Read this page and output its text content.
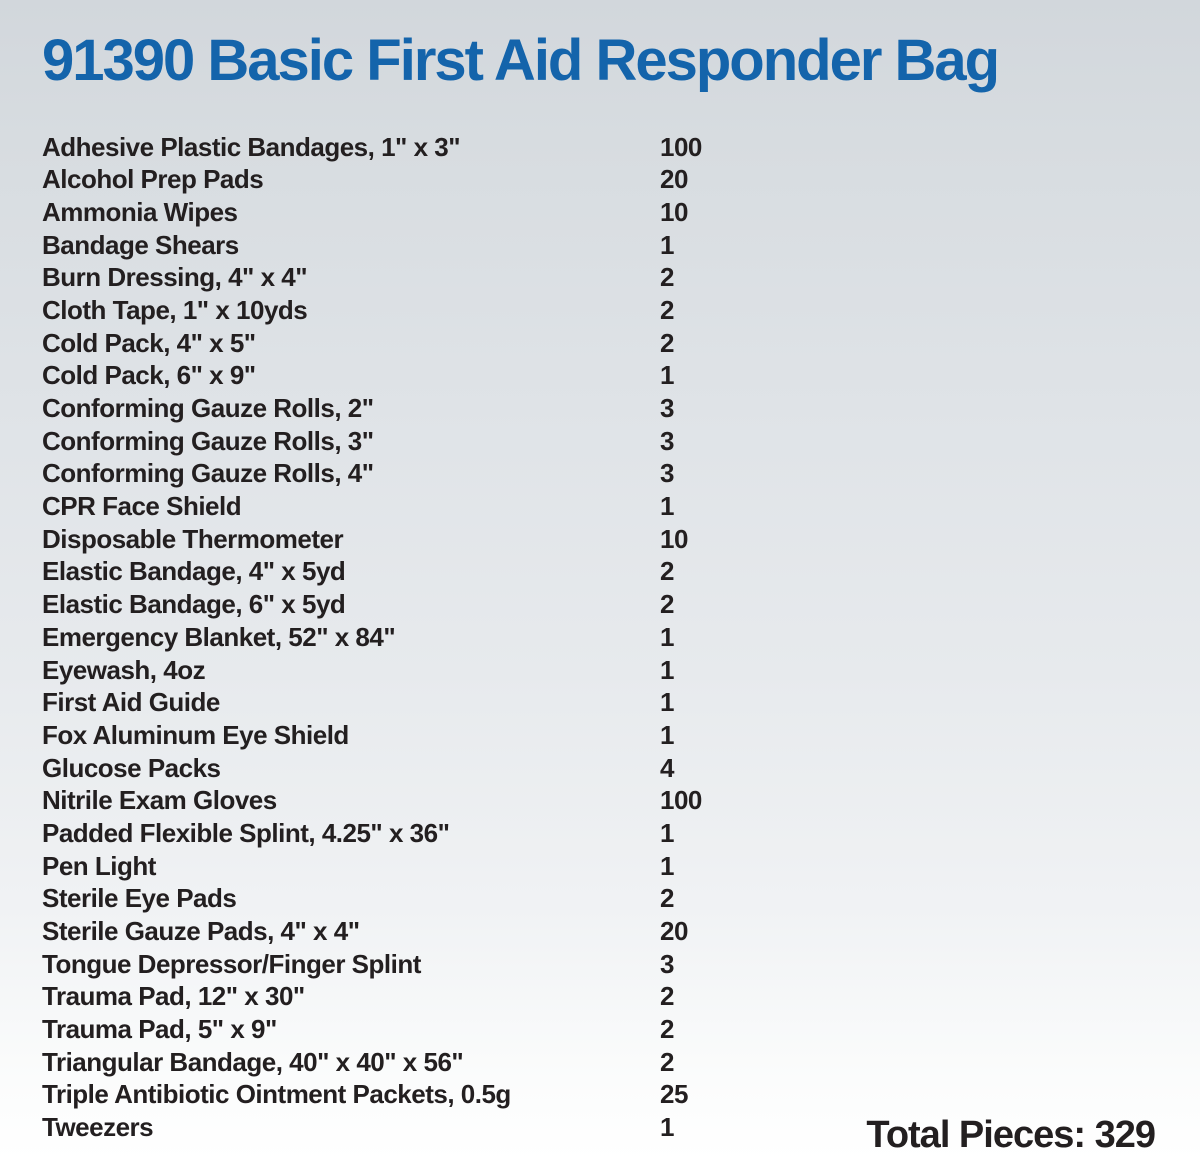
91390 Basic First Aid Responder Bag
Adhesive Plastic Bandages, 1" x 3"	100
Alcohol Prep Pads	20
Ammonia Wipes	10
Bandage Shears	1
Burn Dressing, 4" x 4"	2
Cloth Tape, 1" x 10yds	2
Cold Pack, 4" x 5"	2
Cold Pack, 6" x 9"	1
Conforming Gauze Rolls, 2"	3
Conforming Gauze Rolls, 3"	3
Conforming Gauze Rolls, 4"	3
CPR Face Shield	1
Disposable Thermometer	10
Elastic Bandage, 4" x 5yd	2
Elastic Bandage, 6" x 5yd	2
Emergency Blanket, 52" x 84"	1
Eyewash, 4oz	1
First Aid Guide	1
Fox Aluminum Eye Shield	1
Glucose Packs	4
Nitrile Exam Gloves	100
Padded Flexible Splint, 4.25" x 36"	1
Pen Light	1
Sterile Eye Pads	2
Sterile Gauze Pads, 4" x 4"	20
Tongue Depressor/Finger Splint	3
Trauma Pad, 12" x 30"	2
Trauma Pad, 5" x 9"	2
Triangular Bandage, 40" x 40" x 56"	2
Triple Antibiotic Ointment Packets, 0.5g	25
Tweezers	1	Total Pieces: 329
